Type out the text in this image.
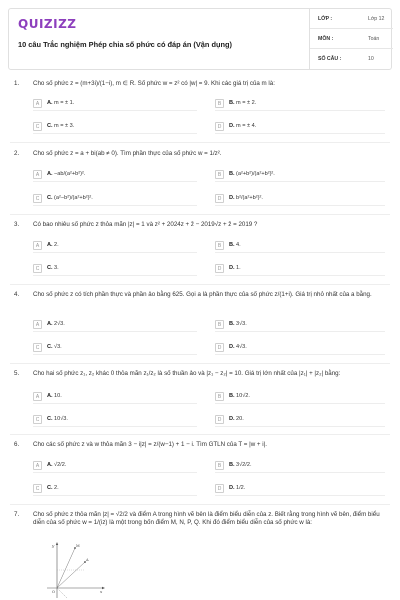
QUIZIZZ
10 câu Trắc nghiệm Phép chia số phức có đáp án (Vận dụng)
LỚP :	Lớp 12
MÔN :	Toán
SỐ CÂU :	10
1. Cho số phức z = (m+3i)/(1−i), m ∈ R. Số phức w = z² có |w| = 9. Khi các giá trị của m là:
A	A. m = ± 1.	B	B. m = ± 2.
C	C. m = ± 3.	D	D. m = ± 4.
2. Cho số phức z = a + bi(ab ≠ 0). Tìm phần thực của số phức w = 1/z².
A	A. −ab/(a²+b²)².	B	B. (a²+b²)/(a²+b²)².
C	C. (a²−b²)/(a²+b²)².	D	D. b²/(a²+b²)².
3. Có bao nhiêu số phức z thỏa mãn |z| = 1 và z² + 2024z + z̄ − 2019√z + z̄ = 2019 ?
A	A. 2.	B	B. 4.
C	C. 3.	D	D. 1.
4. Cho số phức z có tích phần thực và phần ảo bằng 625. Gọi a là phần thực của số phức z/(1+i). Giá trị nhỏ nhất của a bằng.
A	A. 2√3.	B	B. 3√3.
C	C. √3.	D	D. 4√3.
5. Cho hai số phức z₁, z₂ khác 0 thỏa mãn z₁/z₂ là số thuần ảo và |z₁ − z₂| = 10. Giá trị lớn nhất của |z₁| + |z₂| bằng:
A	A. 10.	B	B. 10√2.
C	C. 10√3.	D	D. 20.
6. Cho các số phức z và w thỏa mãn 3 − i|z| = z/(w−1) + 1 − i. Tìm GTLN của T = |w + i|.
A	A. √2/2.	B	B. 3√2/2.
C	C. 2.	D	D. 1/2.
7. Cho số phức z thỏa mãn |z| = √2/2 và điểm A trong hình vẽ bên là điểm biểu diễn của z. Biết rằng trong hình vẽ bên, điểm biểu diễn của số phức w = 1/(iz) là một trong bốn điểm M, N, P, Q. Khi đó điểm biểu diễn của số phức w là:
y
x
O
A
M
